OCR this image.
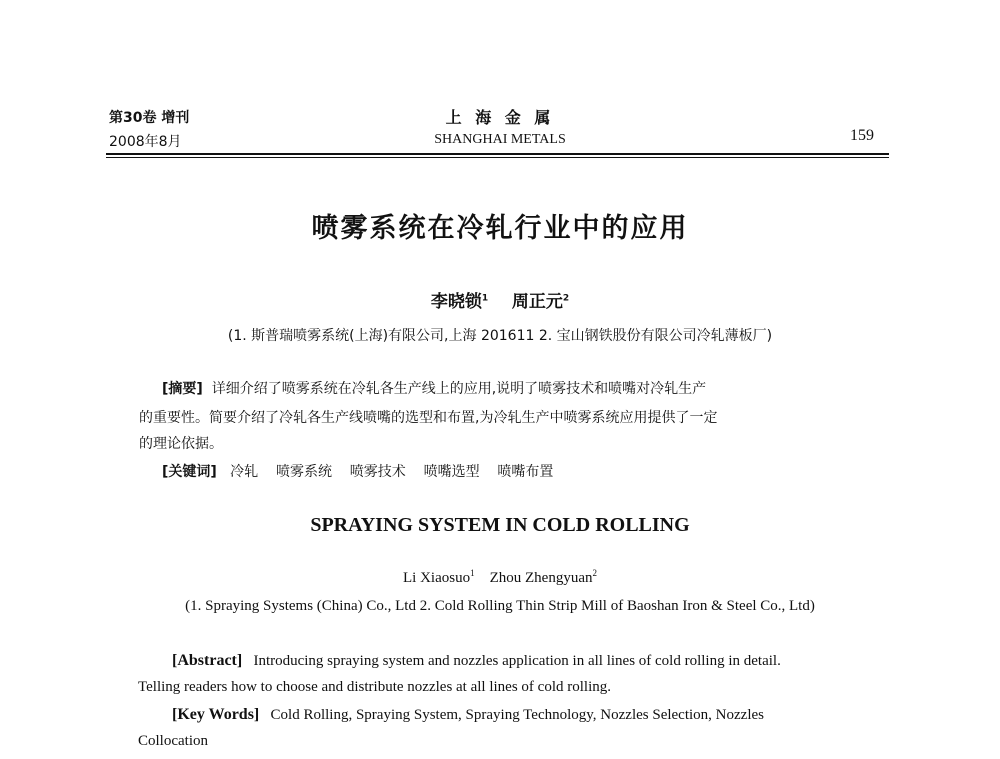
第30卷 增刊
2008年8月
上 海 金 属
SHANGHAI METALS	159
喷雾系统在冷轧行业中的应用
李晓锁$^1$ 周正元$^2$
(1. 斯普瑞喷雾系统(上海)有限公司,上海 201611 2. 宝山钢铁股份有限公司冷轧薄板厂)
[摘要] 详细介绍了喷雾系统在冷轧各生产线上的应用,说明了喷雾技术和喷嘴对冷轧生产
的重要性。简要介绍了冷轧各生产线喷嘴的选型和布置,为冷轧生产中喷雾系统应用提供了一定
的理论依据。
[关键词] 冷轧 喷雾系统 喷雾技术 喷嘴选型 喷嘴布置
SPRAYING SYSTEM IN COLD ROLLING
Li Xiaosuo$^1$ Zhou Zhengyuan$^2$
(1. Spraying Systems (China) Co., Ltd 2. Cold Rolling Thin Strip Mill of Baoshan Iron & Steel Co., Ltd)
[Abstract] Introducing spraying system and nozzles application in all lines of cold rolling in detail.
Telling readers how to choose and distribute nozzles at all lines of cold rolling.
[Key Words] Cold Rolling, Spraying System, Spraying Technology, Nozzles Selection, Nozzles
Collocation
